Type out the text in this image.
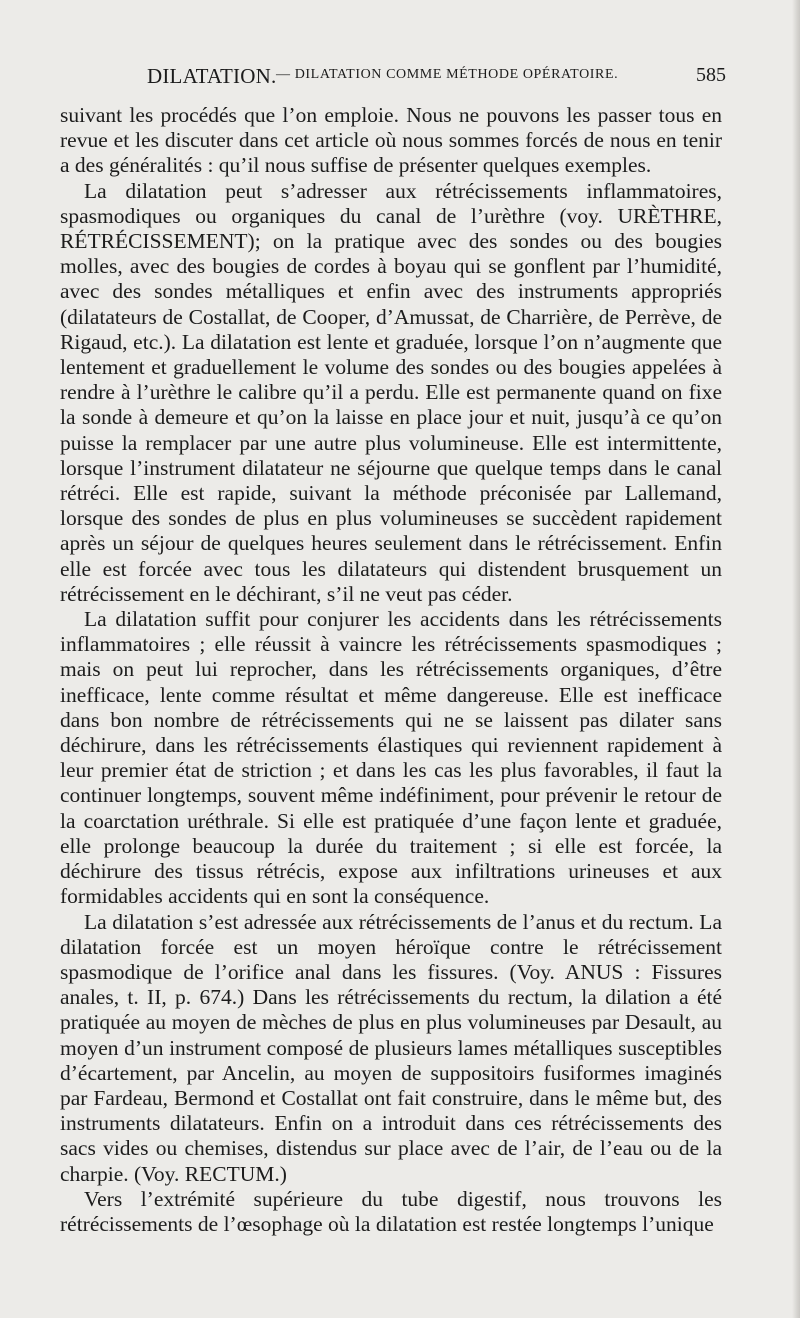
DILATATION. — DILATATION COMME MÉTHODE OPÉRATOIRE.	585

suivant les procédés que l’on emploie. Nous ne pouvons les passer tous en revue et les discuter dans cet article où nous sommes forcés de nous en tenir a des généralités : qu’il nous suffise de présenter quelques exemples.

La dilatation peut s’adresser aux rétrécissements inflammatoires, spasmodiques ou organiques du canal de l’urèthre (voy. URÈTHRE, RÉTRÉCISSEMENT); on la pratique avec des sondes ou des bougies molles, avec des bougies de cordes à boyau qui se gonflent par l’humidité, avec des sondes métalliques et enfin avec des instruments appropriés (dilatateurs de Costallat, de Cooper, d’Amussat, de Charrière, de Perrève, de Rigaud, etc.). La dilatation est lente et graduée, lorsque l’on n’augmente que lentement et graduellement le volume des sondes ou des bougies appelées à rendre à l’urèthre le calibre qu’il a perdu. Elle est permanente quand on fixe la sonde à demeure et qu’on la laisse en place jour et nuit, jusqu’à ce qu’on puisse la remplacer par une autre plus volumineuse. Elle est intermittente, lorsque l’instrument dilatateur ne séjourne que quelque temps dans le canal rétréci. Elle est rapide, suivant la méthode préconisée par Lallemand, lorsque des sondes de plus en plus volumineuses se succèdent rapidement après un séjour de quelques heures seulement dans le rétrécissement. Enfin elle est forcée avec tous les dilatateurs qui distendent brusquement un rétrécissement en le déchirant, s’il ne veut pas céder.

La dilatation suffit pour conjurer les accidents dans les rétrécissements inflammatoires ; elle réussit à vaincre les rétrécissements spasmodiques ; mais on peut lui reprocher, dans les rétrécissements organiques, d’être inefficace, lente comme résultat et même dangereuse. Elle est inefficace dans bon nombre de rétrécissements qui ne se laissent pas dilater sans déchirure, dans les rétrécissements élastiques qui reviennent rapidement à leur premier état de striction ; et dans les cas les plus favorables, il faut la continuer longtemps, souvent même indéfiniment, pour prévenir le retour de la coarctation uréthrale. Si elle est pratiquée d’une façon lente et graduée, elle prolonge beaucoup la durée du traitement ; si elle est forcée, la déchirure des tissus rétrécis, expose aux infiltrations urineuses et aux formidables accidents qui en sont la conséquence.

La dilatation s’est adressée aux rétrécissements de l’anus et du rectum. La dilatation forcée est un moyen héroïque contre le rétrécissement spasmodique de l’orifice anal dans les fissures. (Voy. ANUS : Fissures anales, t. II, p. 674.) Dans les rétrécissements du rectum, la dilation a été pratiquée au moyen de mèches de plus en plus volumineuses par Desault, au moyen d’un instrument composé de plusieurs lames métalliques susceptibles d’écartement, par Ancelin, au moyen de suppositoirs fusiformes imaginés par Fardeau, Bermond et Costallat ont fait construire, dans le même but, des instruments dilatateurs. Enfin on a introduit dans ces rétrécissements des sacs vides ou chemises, distendus sur place avec de l’air, de l’eau ou de la charpie. (Voy. RECTUM.)

Vers l’extrémité supérieure du tube digestif, nous trouvons les rétrécissements de l’œsophage où la dilatation est restée longtemps l’unique
